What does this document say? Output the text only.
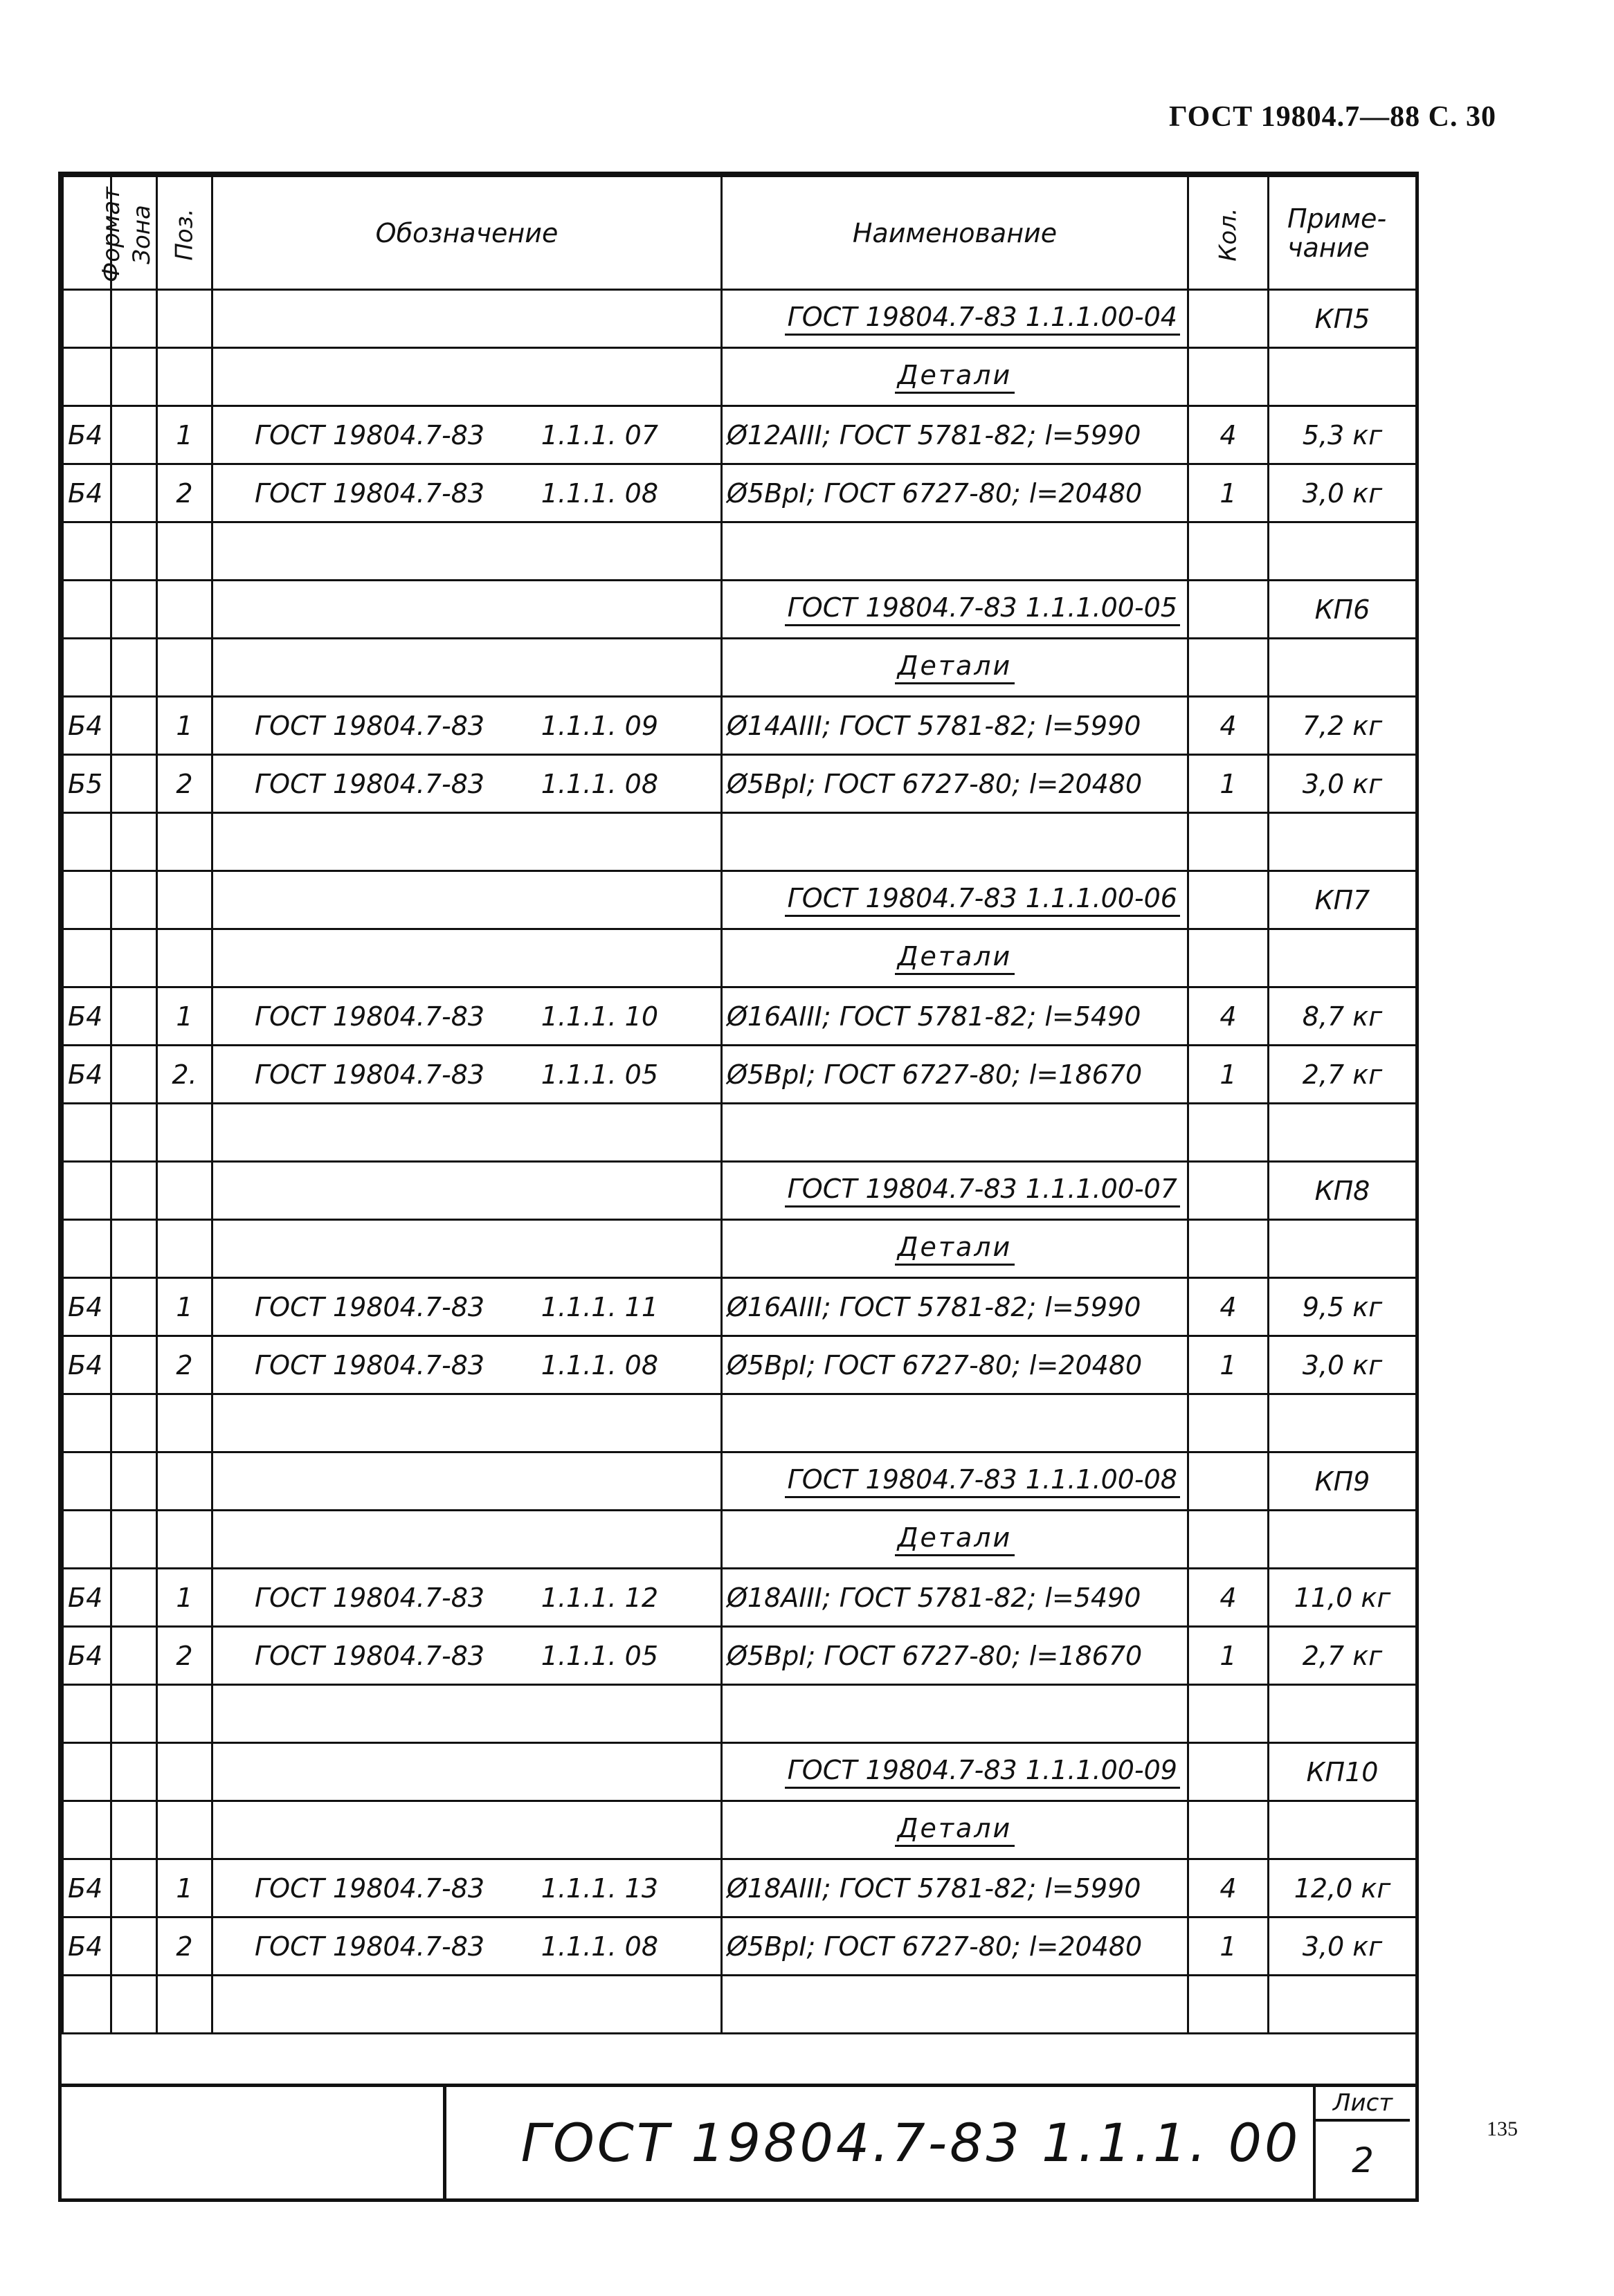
ГОСТ 19804.7—88 С. 30
Формат	Зона	Поз.	Обозначение	Наименование	Кол.	Приме-
чание
				ГОСТ 19804.7-83 1.1.1.00-04		КП5
				Детали		
Б4		1	ГОСТ 19804.7-83 1.1.1. 07	Ø12АIII; ГОСТ 5781-82; l=5990	4	5,3 кг
Б4		2	ГОСТ 19804.7-83 1.1.1. 08	Ø5ВрI; ГОСТ 6727-80; l=20480	1	3,0 кг

				ГОСТ 19804.7-83 1.1.1.00-05		КП6
				Детали		
Б4		1	ГОСТ 19804.7-83 1.1.1. 09	Ø14АIII; ГОСТ 5781-82; l=5990	4	7,2 кг
Б5		2	ГОСТ 19804.7-83 1.1.1. 08	Ø5ВрI; ГОСТ 6727-80; l=20480	1	3,0 кг

				ГОСТ 19804.7-83 1.1.1.00-06		КП7
				Детали		
Б4		1	ГОСТ 19804.7-83 1.1.1. 10	Ø16АIII; ГОСТ 5781-82; l=5490	4	8,7 кг
Б4		2.	ГОСТ 19804.7-83 1.1.1. 05	Ø5ВрI; ГОСТ 6727-80; l=18670	1	2,7 кг

				ГОСТ 19804.7-83 1.1.1.00-07		КП8
				Детали		
Б4		1	ГОСТ 19804.7-83 1.1.1. 11	Ø16АIII; ГОСТ 5781-82; l=5990	4	9,5 кг
Б4		2	ГОСТ 19804.7-83 1.1.1. 08	Ø5ВрI; ГОСТ 6727-80; l=20480	1	3,0 кг

				ГОСТ 19804.7-83 1.1.1.00-08		КП9
				Детали		
Б4		1	ГОСТ 19804.7-83 1.1.1. 12	Ø18АIII; ГОСТ 5781-82; l=5490	4	11,0 кг
Б4		2	ГОСТ 19804.7-83 1.1.1. 05	Ø5ВрI; ГОСТ 6727-80; l=18670	1	2,7 кг

				ГОСТ 19804.7-83 1.1.1.00-09		КП10
				Детали		
Б4		1	ГОСТ 19804.7-83 1.1.1. 13	Ø18АIII; ГОСТ 5781-82; l=5990	4	12,0 кг
Б4		2	ГОСТ 19804.7-83 1.1.1. 08	Ø5ВрI; ГОСТ 6727-80; l=20480	1	3,0 кг

ГОСТ 19804.7-83 1.1.1. 00
Лист
2
135
